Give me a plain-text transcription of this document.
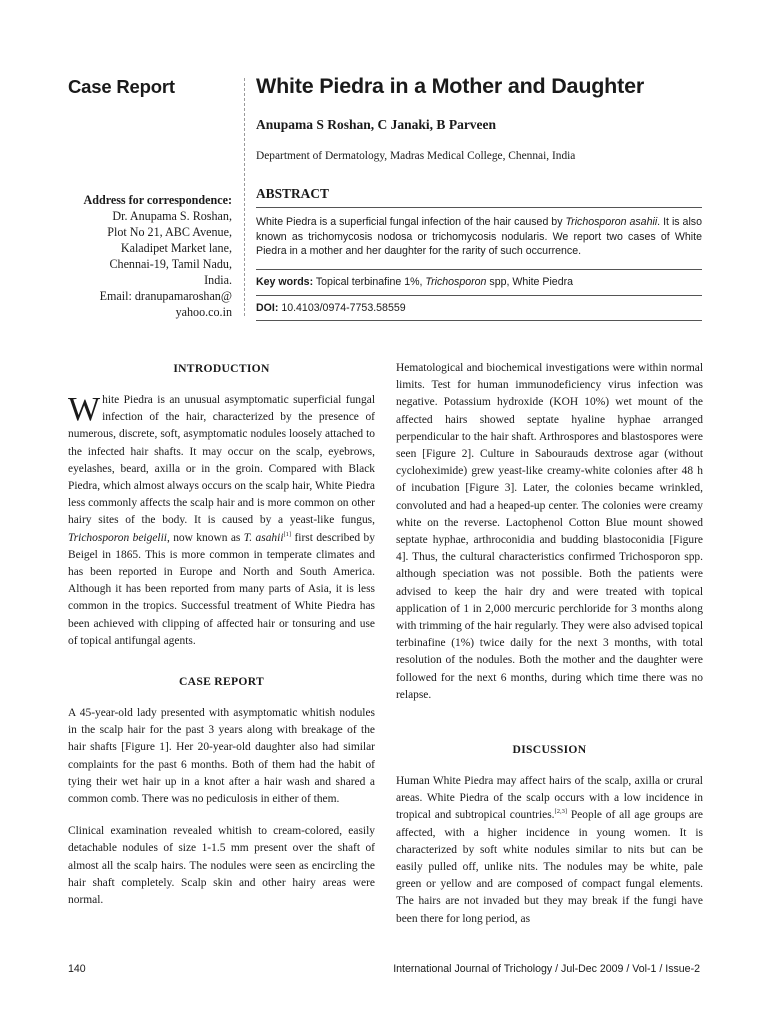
Case Report	White Piedra in a Mother and Daughter
Anupama S Roshan, C Janaki, B Parveen
Department of Dermatology, Madras Medical College, Chennai, India
Address for correspondence:
Dr. Anupama S. Roshan,
Plot No 21, ABC Avenue,
Kaladipet Market lane,
Chennai-19, Tamil Nadu,
India.
Email: dranupamaroshan@
yahoo.co.in
ABSTRACT
White Piedra is a superficial fungal infection of the hair caused by Trichosporon asahii. It is also known as trichomycosis nodosa or trichomycosis nodularis. We report two cases of White Piedra in a mother and her daughter for the rarity of such occurrence.
Key words: Topical terbinafine 1%, Trichosporon spp, White Piedra
DOI: 10.4103/0974-7753.58559
INTRODUCTION

White Piedra is an unusual asymptomatic superficial fungal infection of the hair, characterized by the presence of numerous, discrete, soft, asymptomatic nodules loosely attached to the infected hair shafts. It may occur on the scalp, eyebrows, eyelashes, beard, axilla or in the groin. Compared with Black Piedra, which almost always occurs on the scalp hair, White Piedra less commonly affects the scalp hair and is more common on other hairy sites of the body. It is caused by a yeast-like fungus, Trichosporon beigelii, now known as T. asahii[1] first described by Beigel in 1865. This is more common in temperate climates and has been reported in Europe and North and South America. Although it has been reported from many parts of Asia, it is less common in the tropics. Successful treatment of White Piedra has been achieved with clipping of affected hair or tonsuring and use of topical antifungal agents.

CASE REPORT

A 45-year-old lady presented with asymptomatic whitish nodules in the scalp hair for the past 3 years along with breakage of the hair shafts [Figure 1]. Her 20-year-old daughter also had similar complaints for the past 6 months. Both of them had the habit of tying their wet hair up in a knot after a hair wash and shared a common comb. There was no pediculosis in either of them.

Clinical examination revealed whitish to cream-colored, easily detachable nodules of size 1-1.5 mm present over the shaft of almost all the scalp hairs. The nodules were seen as encircling the hair shaft completely. Scalp skin and other hairy areas were normal.

Hematological and biochemical investigations were within normal limits. Test for human immunodeficiency virus infection was negative. Potassium hydroxide (KOH 10%) wet mount of the affected hairs showed septate hyaline hyphae arranged perpendicular to the hair shaft. Arthrospores and blastospores were seen [Figure 2]. Culture in Sabourauds dextrose agar (without cycloheximide) grew yeast-like creamy-white colonies after 48 h of incubation [Figure 3]. Later, the colonies became wrinkled, convoluted and had a heaped-up center. The colonies were creamy white on the reverse. Lactophenol Cotton Blue mount showed septate hyphae, arthroconidia and budding blastoconidia [Figure 4]. Thus, the cultural characteristics confirmed Trichosporon spp. although speciation was not possible. Both the patients were advised to keep the hair dry and were treated with topical application of 1 in 2,000 mercuric perchloride for 3 months along with trimming of the hair regularly. They were also advised topical terbinafine (1%) twice daily for the next 3 months, with total resolution of the nodules. Both the mother and the daughter were followed for the next 6 months, during which time there was no relapse.

DISCUSSION

Human White Piedra may affect hairs of the scalp, axilla or crural areas. White Piedra of the scalp occurs with a low incidence in tropical and subtropical countries.[2,3] People of all age groups are affected, with a higher incidence in young women. It is characterized by soft white nodules similar to nits but can be easily pulled off, unlike nits. The nodules may be white, pale green or yellow and are composed of compact fungal elements. The hairs are not invaded but they may break if the fungi have been there for long period, as

140	International Journal of Trichology / Jul-Dec 2009 / Vol-1 / Issue-2
